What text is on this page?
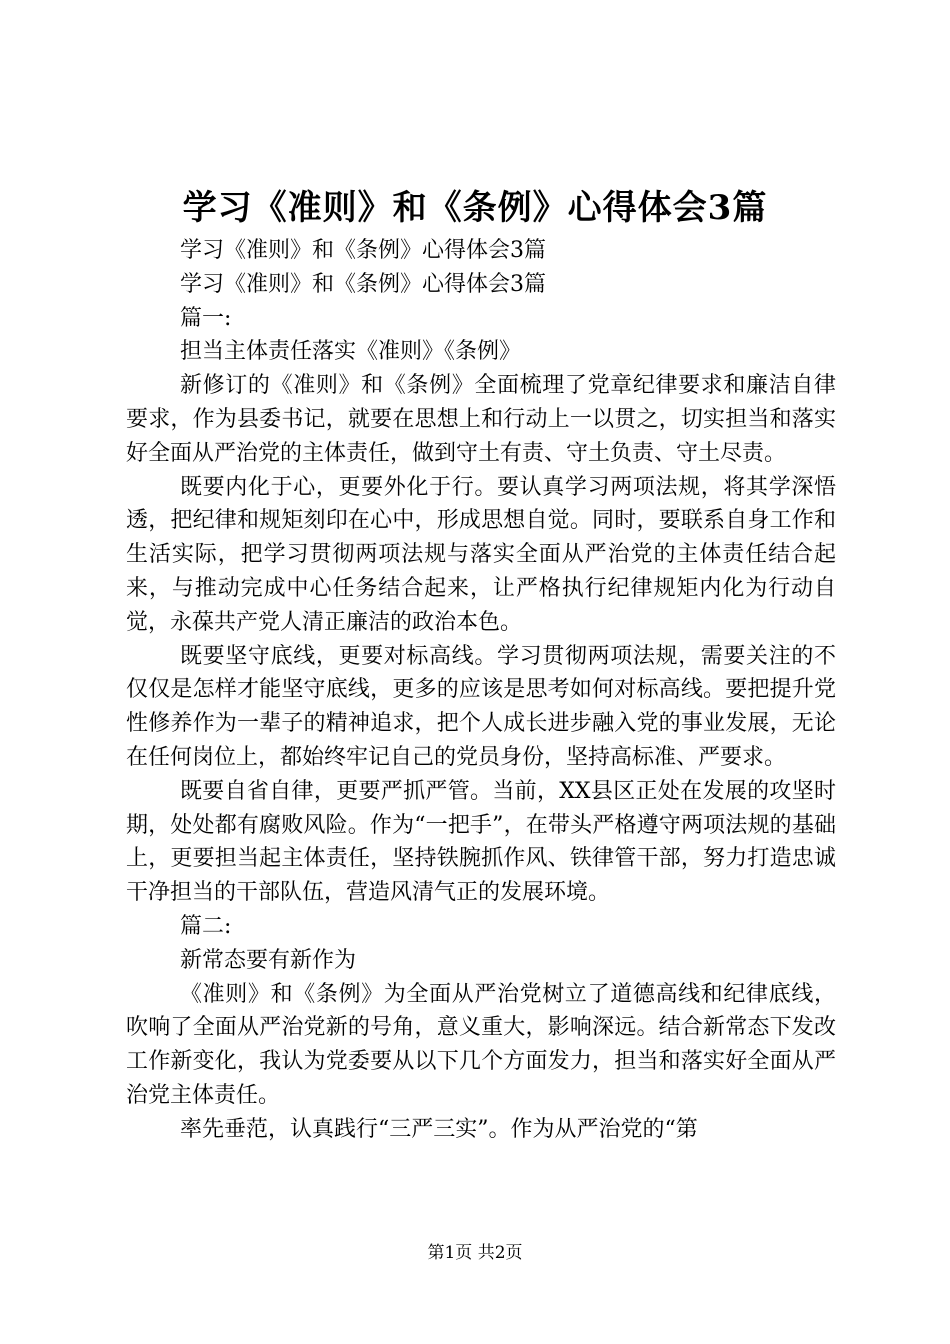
学习《准则》和《条例》心得体会3篇

学习《准则》和《条例》心得体会3篇

学习《准则》和《条例》心得体会3篇

篇一:

担当主体责任落实《准则》《条例》

新修订的《准则》和《条例》全面梳理了党章纪律要求和廉洁自律要求，作为县委书记，就要在思想上和行动上一以贯之，切实担当和落实好全面从严治党的主体责任，做到守土有责、守土负责、守土尽责。

既要内化于心，更要外化于行。要认真学习两项法规，将其学深悟透，把纪律和规矩刻印在心中，形成思想自觉。同时，要联系自身工作和生活实际，把学习贯彻两项法规与落实全面从严治党的主体责任结合起来，与推动完成中心任务结合起来，让严格执行纪律规矩内化为行动自觉，永葆共产党人清正廉洁的政治本色。

既要坚守底线，更要对标高线。学习贯彻两项法规，需要关注的不仅仅是怎样才能坚守底线，更多的应该是思考如何对标高线。要把提升党性修养作为一辈子的精神追求，把个人成长进步融入党的事业发展，无论在任何岗位上，都始终牢记自己的党员身份，坚持高标准、严要求。

既要自省自律，更要严抓严管。当前，XX县区正处在发展的攻坚时期，处处都有腐败风险。作为“一把手”，在带头严格遵守两项法规的基础上，更要担当起主体责任，坚持铁腕抓作风、铁律管干部，努力打造忠诚干净担当的干部队伍，营造风清气正的发展环境。

篇二:

新常态要有新作为

《准则》和《条例》为全面从严治党树立了道德高线和纪律底线，吹响了全面从严治党新的号角，意义重大，影响深远。结合新常态下发改工作新变化，我认为党委要从以下几个方面发力，担当和落实好全面从严治党主体责任。

率先垂范，认真践行“三严三实”。作为从严治党的“第

第1页 共2页
